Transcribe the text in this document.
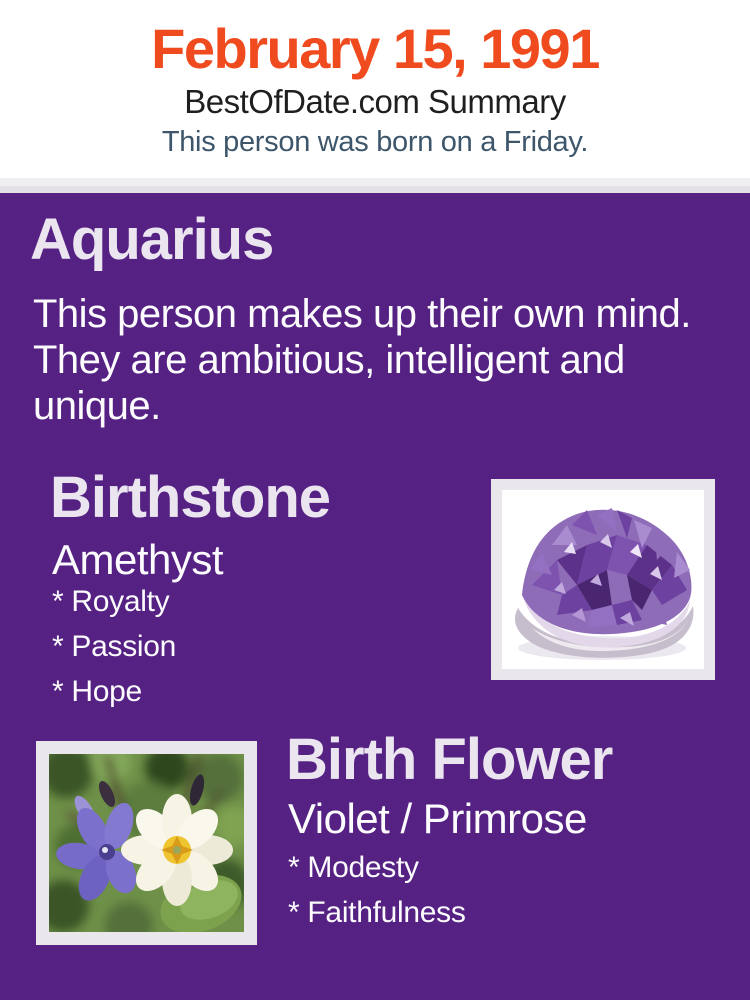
February 15, 1991
BestOfDate.com Summary

This person was born on a Friday.

Aquarius

This person makes up their own mind. They are ambitious, intelligent and unique.

Birthstone

Amethyst

* Royalty
* Passion
* Hope
Birth Flower

Violet / Primrose

* Modesty
* Faithfulness
